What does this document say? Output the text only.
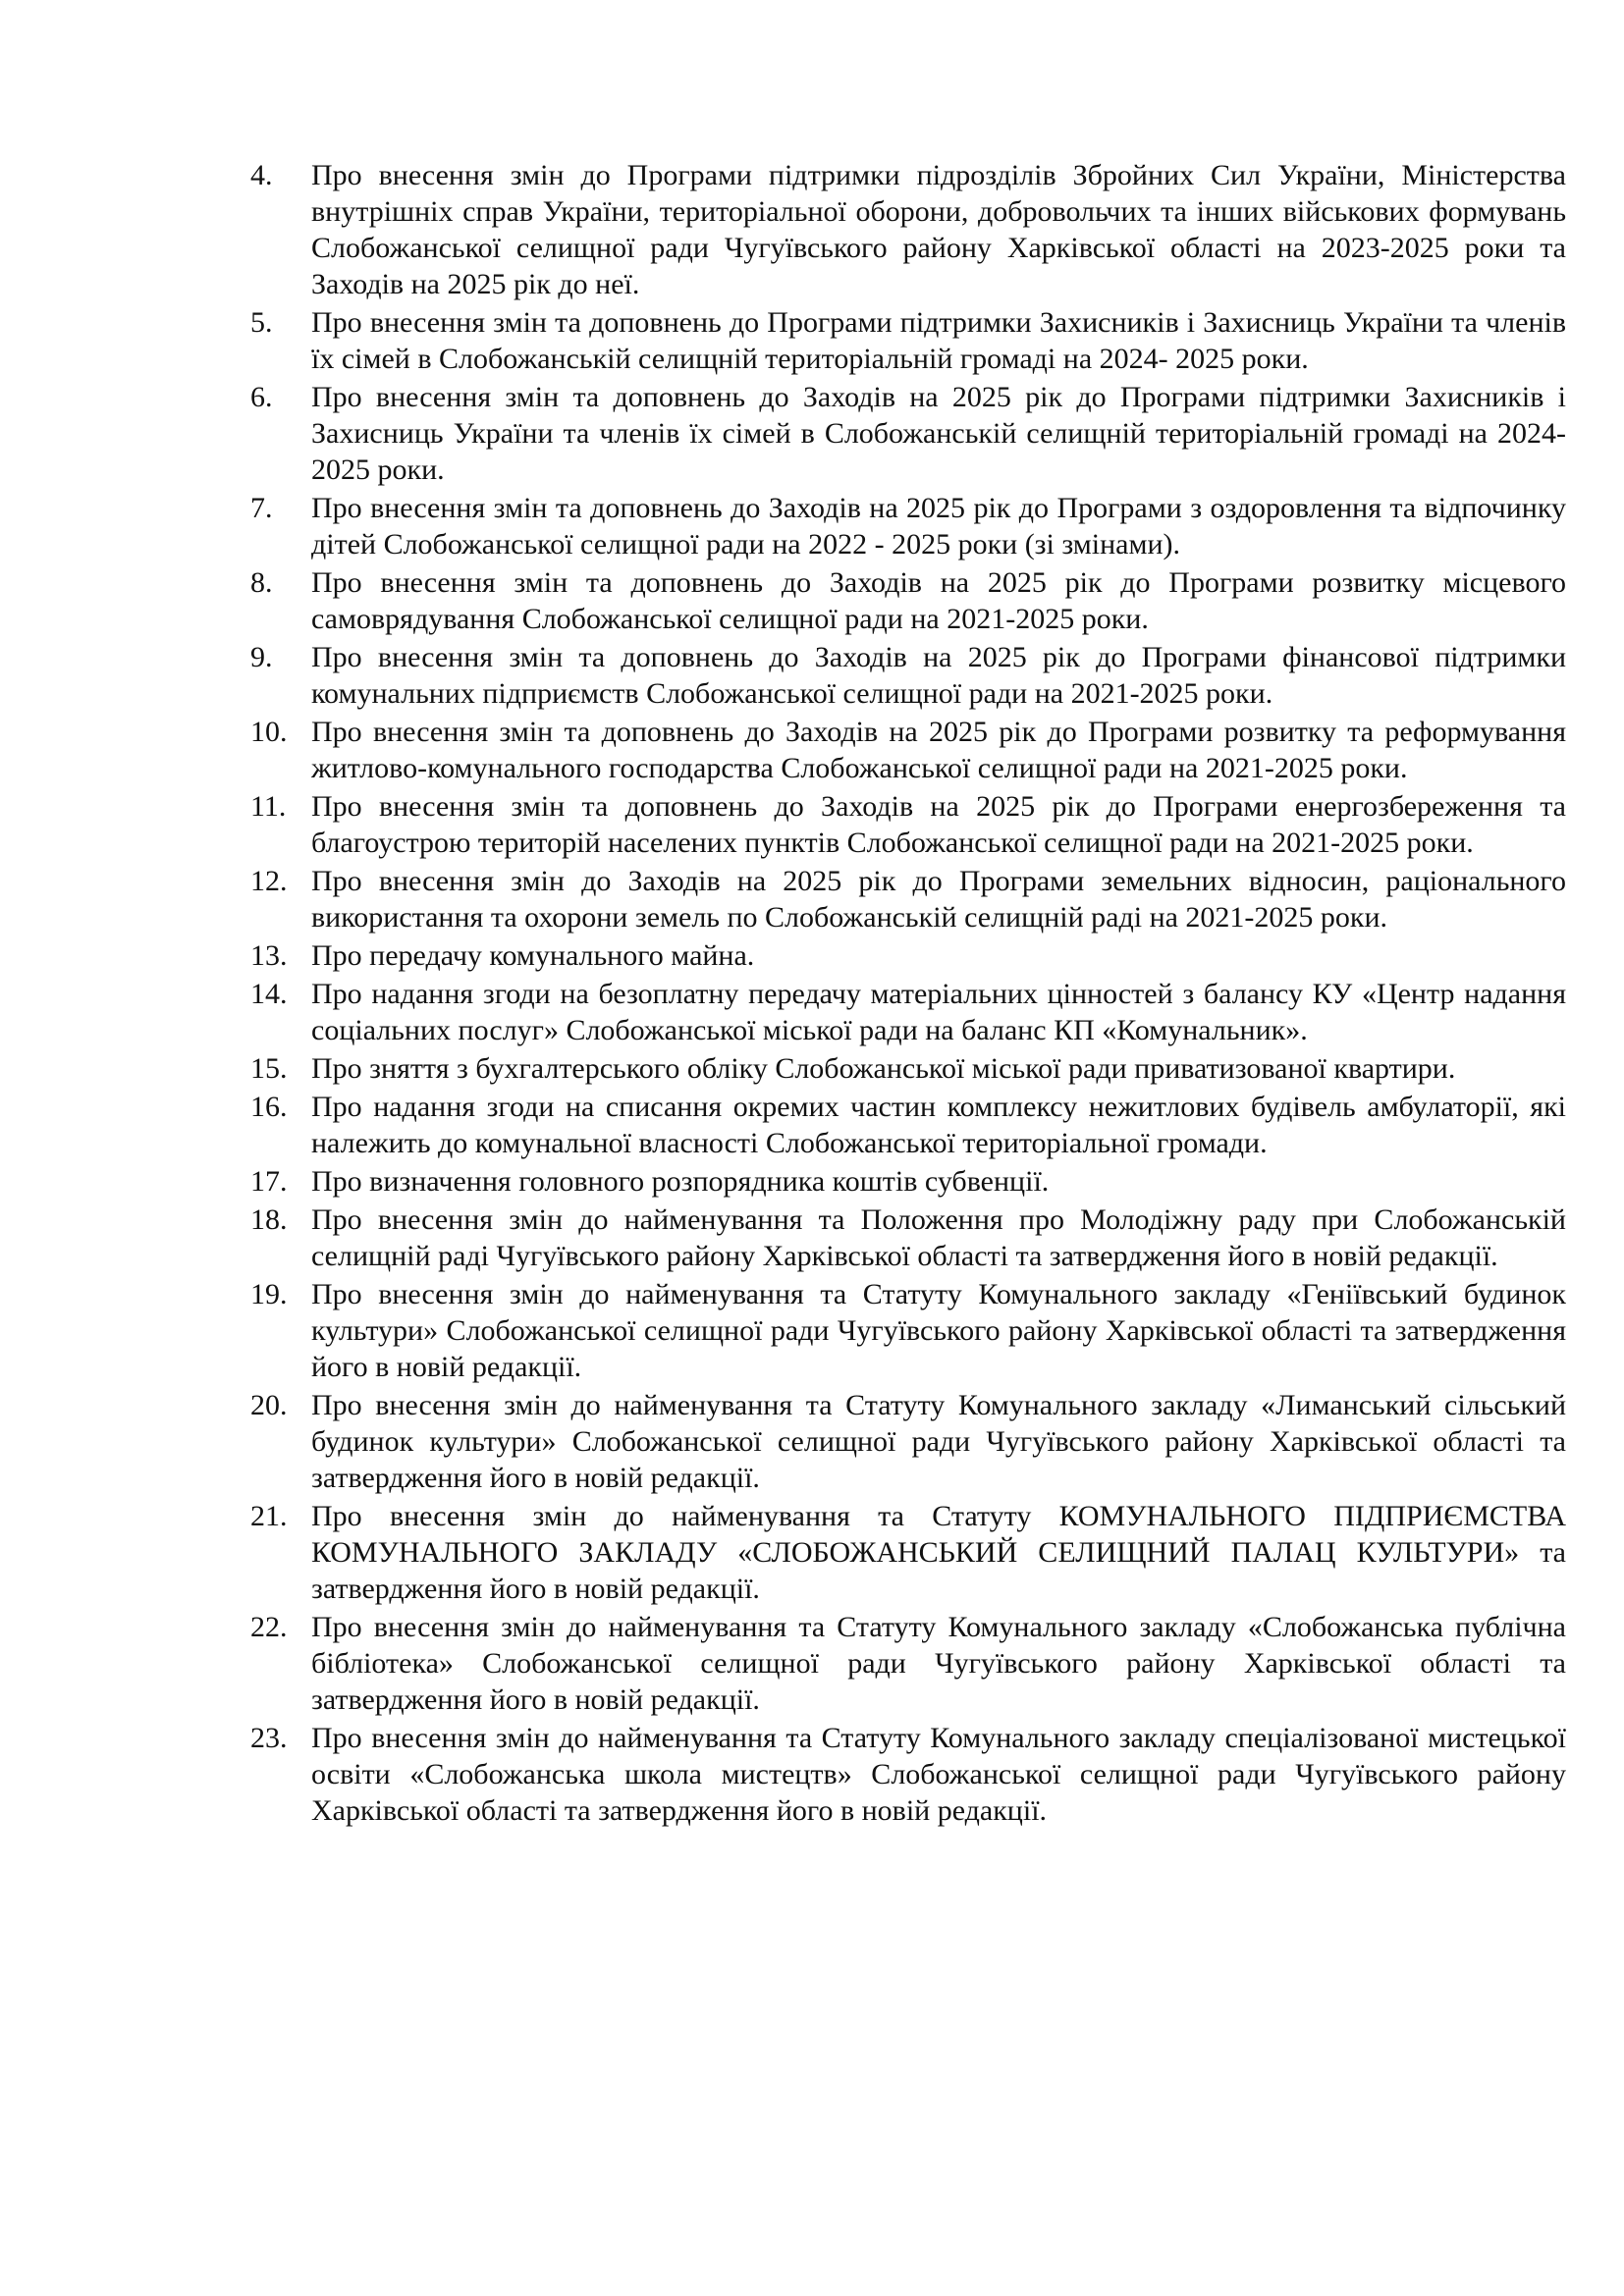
4.	Про внесення змін до Програми підтримки підрозділів Збройних Сил України, Міністерства внутрішніх справ України, територіальної оборони, добровольчих та інших військових формувань Слобожанської селищної ради Чугуївського району Харківської області на 2023-2025 роки та Заходів на 2025 рік до неї.
5.	Про внесення змін та доповнень до Програми підтримки Захисників і Захисниць України та членів їх сімей в Слобожанській селищній територіальній громаді на 2024- 2025 роки.
6.	Про внесення змін та доповнень до Заходів на 2025 рік до Програми підтримки Захисників і Захисниць України та членів їх сімей в Слобожанській селищній територіальній громаді на 2024- 2025 роки.
7.	Про внесення змін та доповнень до Заходів на 2025 рік до Програми з оздоровлення та відпочинку дітей Слобожанської селищної ради на 2022 - 2025 роки (зі змінами).
8.	Про внесення змін та доповнень до Заходів на 2025 рік до Програми розвитку місцевого самоврядування Слобожанської селищної ради на 2021-2025 роки.
9.	Про внесення змін та доповнень до Заходів на 2025 рік до Програми фінансової підтримки комунальних підприємств Слобожанської селищної ради на 2021-2025 роки.
10. Про внесення змін та доповнень до Заходів на 2025 рік до Програми розвитку та реформування житлово-комунального господарства Слобожанської селищної ради на 2021-2025 роки.
11. Про внесення змін та доповнень до Заходів на 2025 рік до Програми енергозбереження та благоустрою територій населених пунктів Слобожанської селищної ради на 2021-2025 роки.
12. Про внесення змін до Заходів на 2025 рік до Програми земельних відносин, раціонального використання та охорони земель по Слобожанській селищній раді на 2021-2025 роки.
13. Про передачу комунального майна.
14. Про надання згоди на безоплатну передачу матеріальних цінностей з балансу КУ «Центр надання соціальних послуг» Слобожанської міської ради на баланс КП «Комунальник».
15. Про зняття з бухгалтерського обліку Слобожанської міської ради приватизованої квартири.
16. Про надання згоди на списання окремих частин комплексу нежитлових будівель амбулаторії, які належить до комунальної власності Слобожанської територіальної громади.
17. Про визначення головного розпорядника коштів субвенції.
18. Про внесення змін до найменування та Положення про Молодіжну раду при Слобожанській селищній раді Чугуївського району Харківської області та затвердження його в новій редакції.
19. Про внесення змін до найменування та Статуту Комунального закладу «Геніївський будинок культури» Слобожанської селищної ради Чугуївського району Харківської області та затвердження його в новій редакції.
20. Про внесення змін до найменування та Статуту Комунального закладу «Лиманський сільський будинок культури» Слобожанської селищної ради Чугуївського району Харківської області та затвердження його в новій редакції.
21. Про внесення змін до найменування та Статуту КОМУНАЛЬНОГО ПІДПРИЄМСТВА КОМУНАЛЬНОГО ЗАКЛАДУ «СЛОБОЖАНСЬКИЙ СЕЛИЩНИЙ ПАЛАЦ КУЛЬТУРИ» та затвердження його в новій редакції.
22. Про внесення змін до найменування та Статуту Комунального закладу «Слобожанська публічна бібліотека» Слобожанської селищної ради Чугуївського району Харківської області та затвердження його в новій редакції.
23. Про внесення змін до найменування та Статуту Комунального закладу спеціалізованої мистецької освіти «Слобожанська школа мистецтв» Слобожанської селищної ради Чугуївського району Харківської області та затвердження його в новій редакції.
